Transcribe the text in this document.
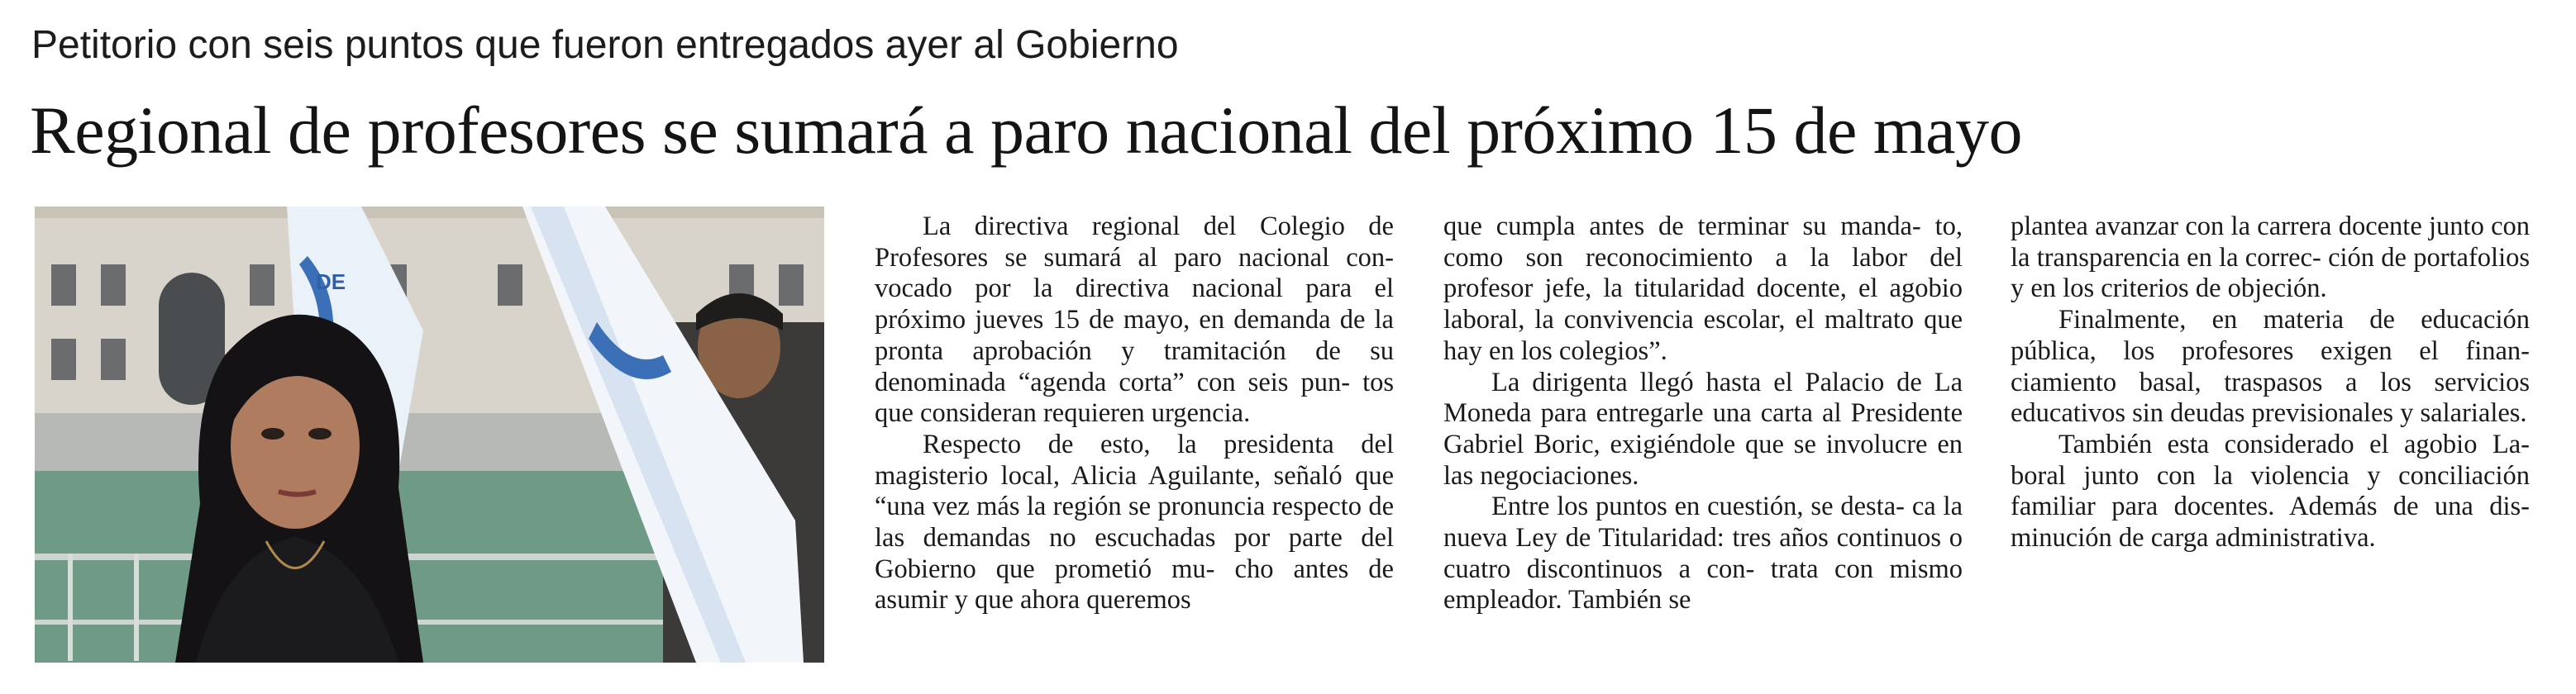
Petitorio con seis puntos que fueron entregados ayer al Gobierno
Regional de profesores se sumará a paro nacional del próximo 15 de mayo
DE

La directiva regional del Colegio de Profesores se sumará al paro nacional con- vocado por la directiva nacional para el próximo jueves 15 de mayo, en demanda de la pronta aprobación y tramitación de su denominada “agenda corta” con seis pun- tos que consideran requieren urgencia.

Respecto de esto, la presidenta del magisterio local, Alicia Aguilante, señaló que “una vez más la región se pronuncia respecto de las demandas no escuchadas por parte del Gobierno que prometió mu- cho antes de asumir y que ahora queremos

que cumpla antes de terminar su manda- to, como son reconocimiento a la labor del profesor jefe, la titularidad docente, el agobio laboral, la convivencia escolar, el maltrato que hay en los colegios”.

La dirigenta llegó hasta el Palacio de La Moneda para entregarle una carta al Presidente Gabriel Boric, exigiéndole que se involucre en las negociaciones.

Entre los puntos en cuestión, se desta- ca la nueva Ley de Titularidad: tres años continuos o cuatro discontinuos a con- trata con mismo empleador. También se

plantea avanzar con la carrera docente junto con la transparencia en la correc- ción de portafolios y en los criterios de objeción.

Finalmente, en materia de educación pública, los profesores exigen el finan- ciamiento basal, traspasos a los servicios educativos sin deudas previsionales y salariales.

También esta considerado el agobio La- boral junto con la violencia y conciliación familiar para docentes. Además de una dis- minución de carga administrativa.
